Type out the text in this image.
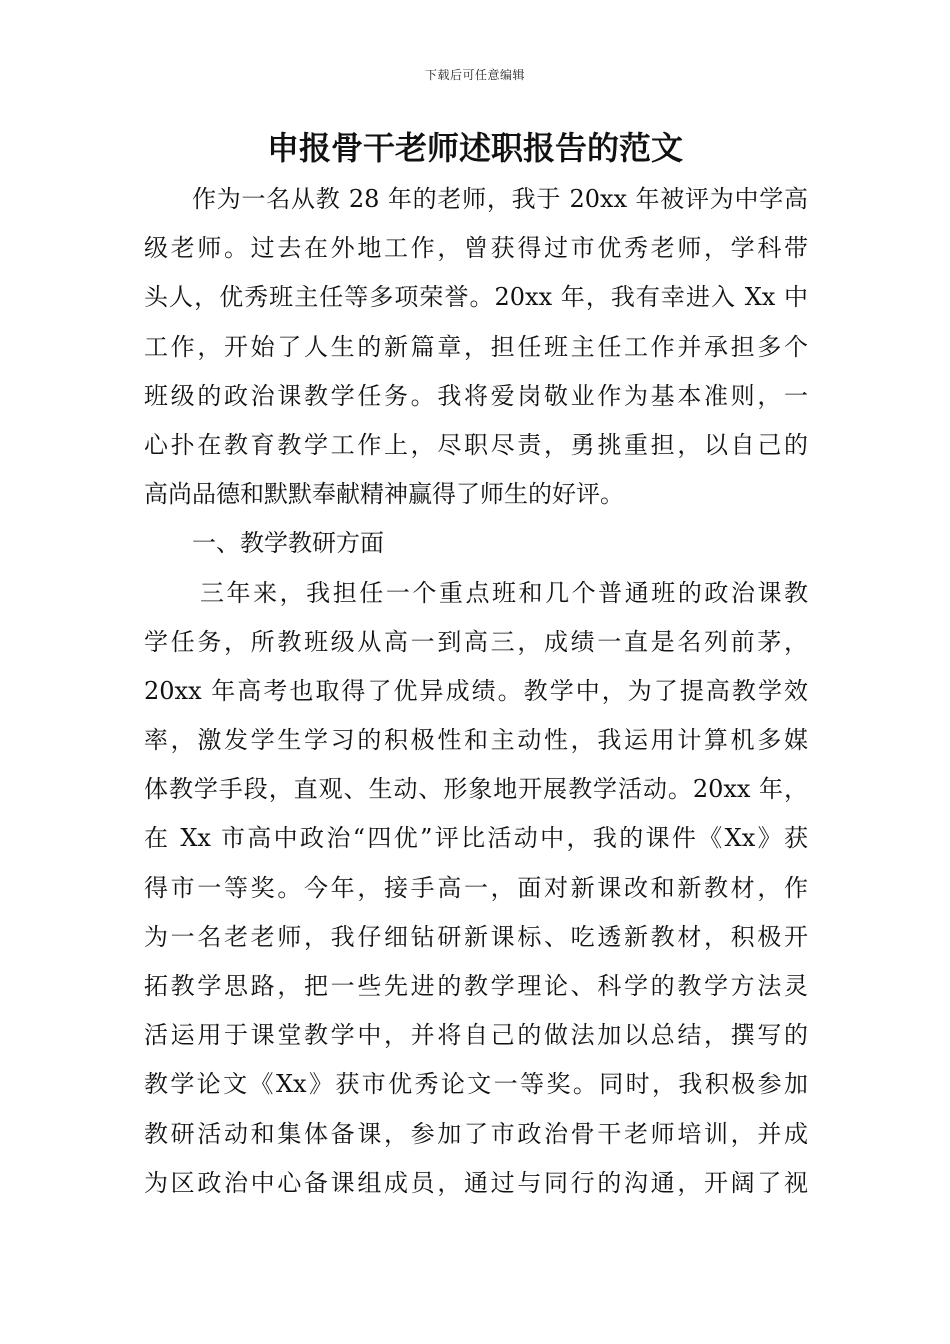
下载后可任意编辑
申报骨干老师述职报告的范文
作为一名从教 28 年的老师，我于 20xx 年被评为中学高
级老师。过去在外地工作，曾获得过市优秀老师，学科带
头人，优秀班主任等多项荣誉。20xx 年，我有幸进入 Xx 中
工作，开始了人生的新篇章，担任班主任工作并承担多个
班级的政治课教学任务。我将爱岗敬业作为基本准则，一
心扑在教育教学工作上，尽职尽责，勇挑重担，以自己的
高尚品德和默默奉献精神赢得了师生的好评。
一、教学教研方面
三年来，我担任一个重点班和几个普通班的政治课教
学任务，所教班级从高一到高三，成绩一直是名列前茅，
20xx 年高考也取得了优异成绩。教学中，为了提高教学效
率，激发学生学习的积极性和主动性，我运用计算机多媒
体教学手段，直观、生动、形象地开展教学活动。20xx 年，
在 Xx 市高中政治“四优”评比活动中，我的课件《Xx》获
得市一等奖。今年，接手高一，面对新课改和新教材，作
为一名老老师，我仔细钻研新课标、吃透新教材，积极开
拓教学思路，把一些先进的教学理论、科学的教学方法灵
活运用于课堂教学中，并将自己的做法加以总结，撰写的
教学论文《Xx》获市优秀论文一等奖。同时，我积极参加
教研活动和集体备课，参加了市政治骨干老师培训，并成
为区政治中心备课组成员，通过与同行的沟通，开阔了视
